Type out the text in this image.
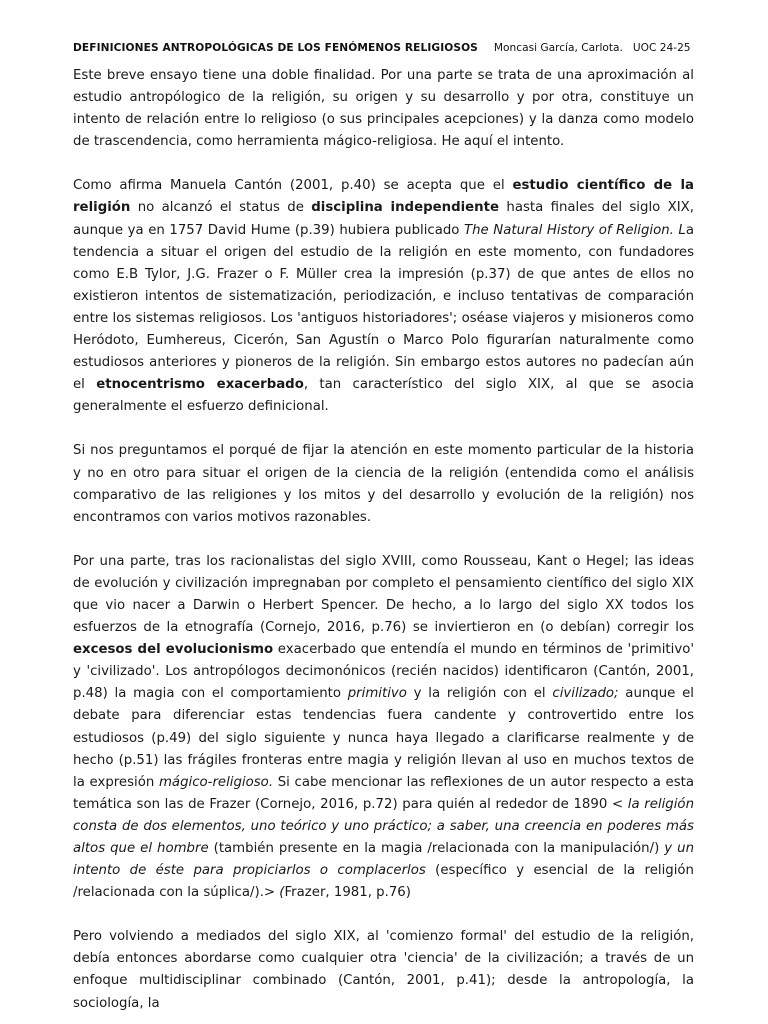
DEFINICIONES ANTROPOLÓGICAS DE LOS FENÓMENOS RELIGIOSOS Moncasi García, Carlota. UOC 24-25

Este breve ensayo tiene una doble finalidad. Por una parte se trata de una aproximación al estudio antropólogico de la religión, su origen y su desarrollo y por otra, constituye un intento de relación entre lo religioso (o sus principales acepciones) y la danza como modelo de trascendencia, como herramienta mágico-religiosa. He aquí el intento.

Como afirma Manuela Cantón (2001, p.40) se acepta que el estudio científico de la religión no alcanzó el status de disciplina independiente hasta finales del siglo XIX, aunque ya en 1757 David Hume (p.39) hubiera publicado The Natural History of Religion. La tendencia a situar el origen del estudio de la religión en este momento, con fundadores como E.B Tylor, J.G. Frazer o F. Müller crea la impresión (p.37) de que antes de ellos no existieron intentos de sistematización, periodización, e incluso tentativas de comparación entre los sistemas religiosos. Los 'antiguos historiadores'; oséase viajeros y misioneros como Heródoto, Eumhereus, Cicerón, San Agustín o Marco Polo figurarían naturalmente como estudiosos anteriores y pioneros de la religión. Sin embargo estos autores no padecían aún el etnocentrismo exacerbado, tan característico del siglo XIX, al que se asocia generalmente el esfuerzo definicional.

Si nos preguntamos el porqué de fijar la atención en este momento particular de la historia y no en otro para situar el origen de la ciencia de la religión (entendida como el análisis comparativo de las religiones y los mitos y del desarrollo y evolución de la religión) nos encontramos con varios motivos razonables.

Por una parte, tras los racionalistas del siglo XVIII, como Rousseau, Kant o Hegel; las ideas de evolución y civilización impregnaban por completo el pensamiento científico del siglo XIX que vio nacer a Darwin o Herbert Spencer. De hecho, a lo largo del siglo XX todos los esfuerzos de la etnografía (Cornejo, 2016, p.76) se inviertieron en (o debían) corregir los excesos del evolucionismo exacerbado que entendía el mundo en términos de 'primitivo' y 'civilizado'. Los antropólogos decimonónicos (recién nacidos) identificaron (Cantón, 2001, p.48) la magia con el comportamiento primitivo y la religión con el civilizado; aunque el debate para diferenciar estas tendencias fuera candente y controvertido entre los estudiosos (p.49) del siglo siguiente y nunca haya llegado a clarificarse realmente y de hecho (p.51) las frágiles fronteras entre magia y religión llevan al uso en muchos textos de la expresión mágico-religioso. Si cabe mencionar las reflexiones de un autor respecto a esta temática son las de Frazer (Cornejo, 2016, p.72) para quién al rededor de 1890 < la religión consta de dos elementos, uno teórico y uno práctico; a saber, una creencia en poderes más altos que el hombre (también presente en la magia /relacionada con la manipulación/) y un intento de éste para propiciarlos o complacerlos (específico y esencial de la religión /relacionada con la súplica/).> (Frazer, 1981, p.76)

Pero volviendo a mediados del siglo XIX, al 'comienzo formal' del estudio de la religión, debía entonces abordarse como cualquier otra 'ciencia' de la civilización; a través de un enfoque multidisciplinar combinado (Cantón, 2001, p.41); desde la antropología, la sociología, la
